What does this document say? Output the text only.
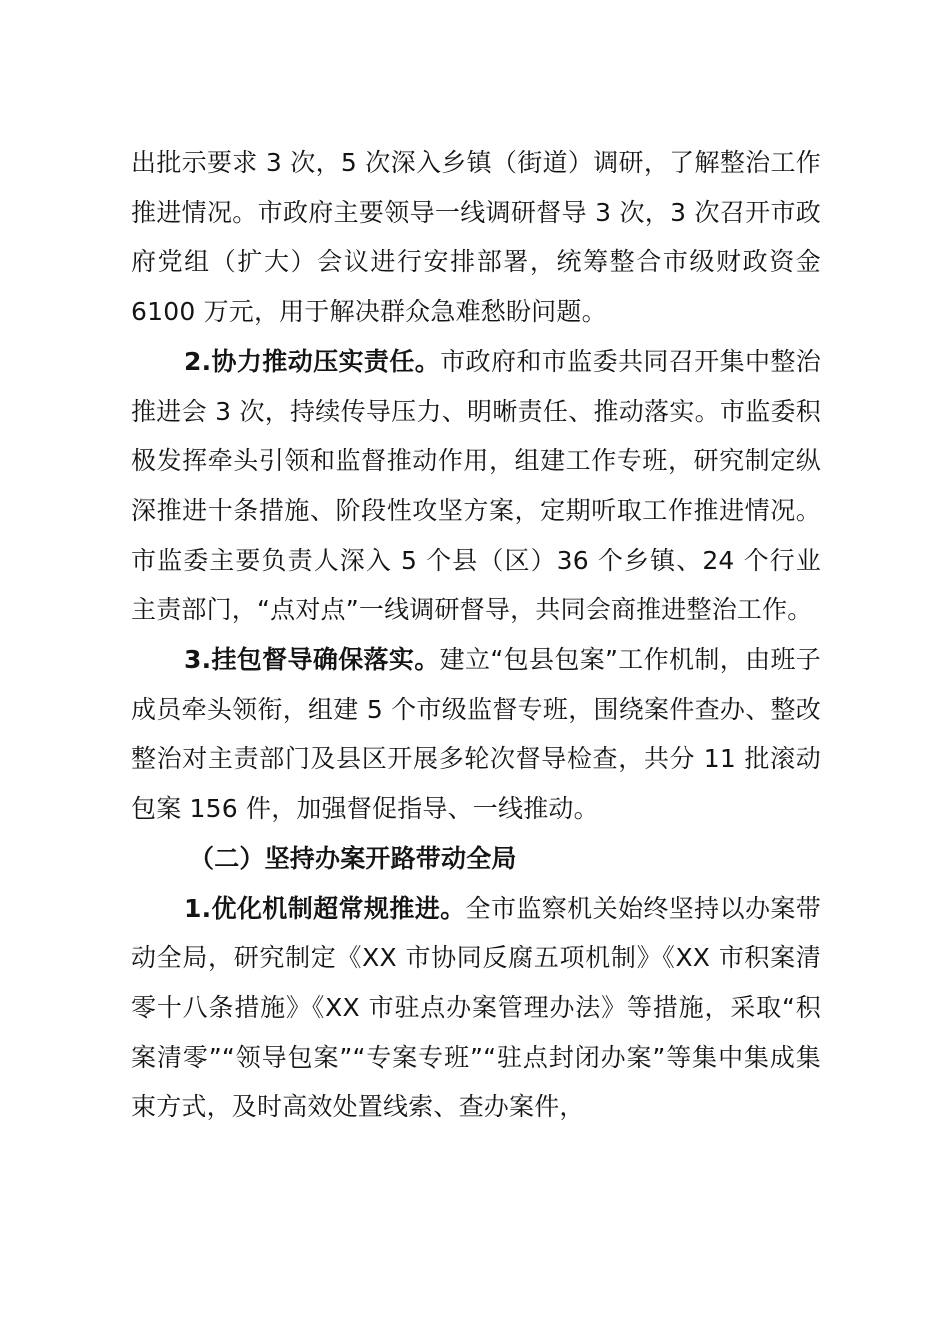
出批示要求 3 次，5 次深入乡镇（街道）调研，了解整治工作推进情况。市政府主要领导一线调研督导 3 次，3 次召开市政府党组（扩大）会议进行安排部署，统筹整合市级财政资金 6100 万元，用于解决群众急难愁盼问题。

2.协力推动压实责任。市政府和市监委共同召开集中整治推进会 3 次，持续传导压力、明晰责任、推动落实。市监委积极发挥牵头引领和监督推动作用，组建工作专班，研究制定纵深推进十条措施、阶段性攻坚方案，定期听取工作推进情况。市监委主要负责人深入 5 个县（区）36 个乡镇、24 个行业主责部门，“点对点”一线调研督导，共同会商推进整治工作。

3.挂包督导确保落实。建立“包县包案”工作机制，由班子成员牵头领衔，组建 5 个市级监督专班，围绕案件查办、整改整治对主责部门及县区开展多轮次督导检查，共分 11 批滚动包案 156 件，加强督促指导、一线推动。

（二）坚持办案开路带动全局

1.优化机制超常规推进。全市监察机关始终坚持以办案带动全局，研究制定《XX 市协同反腐五项机制》《XX 市积案清零十八条措施》《XX 市驻点办案管理办法》等措施，采取“积案清零”“领导包案”“专案专班”“驻点封闭办案”等集中集成集束方式，及时高效处置线索、查办案件，
